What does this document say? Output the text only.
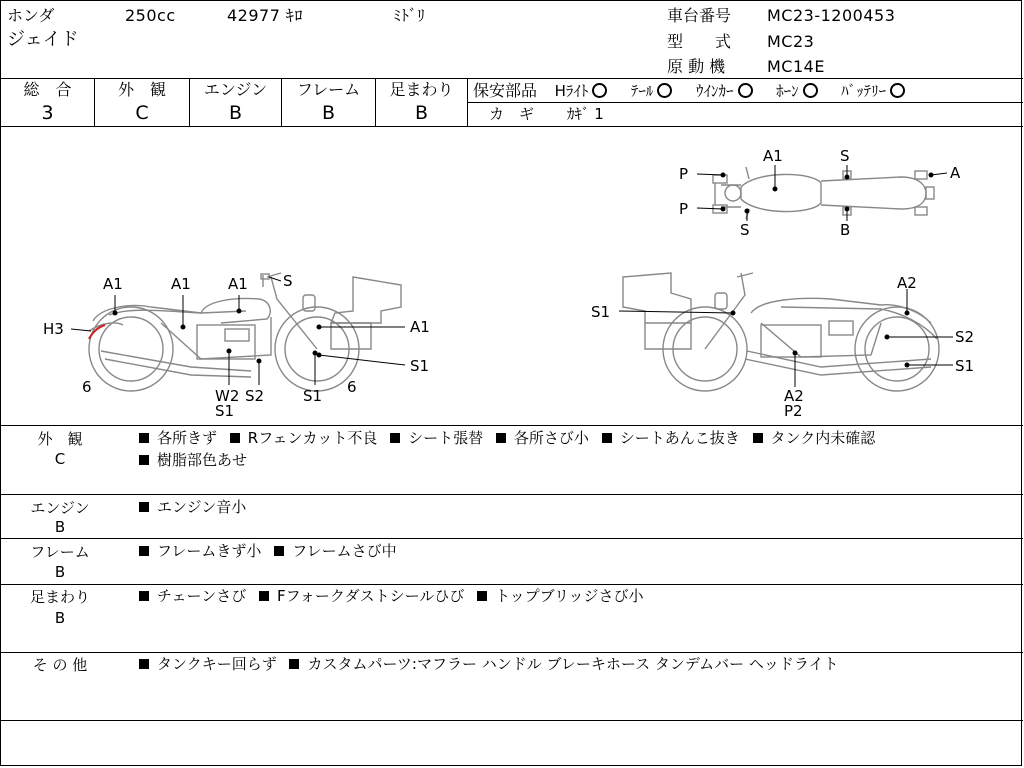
ホンダ	250cc	42977 ｷﾛ	ﾐﾄﾞﾘ
ジェイド
車台番号 MC23-1200453
型　　式 MC23
原 動 機	MC14E
総　合
3
外　観
C
エンジン
B
フレーム
B
足まわり
B
保安部品 Hﾗｲﾄ	ﾃｰﾙ	ｳｲﾝｶｰ	ﾎｰﾝ	ﾊﾞｯﾃﾘｰ
カ　ギ ｶｷﾞ 1
A1	S
P
P
S	B
A
A1	A1 A1 S
H3	A1
S1
6	W2 S2
S1
S1 6
A2
S1
S2
S1
A2
P2
外　観
C
各所きず Rフェンカット不良 シート張替 各所さび小 シートあんこ抜き タンク内未確認
樹脂部色あせ
エンジン
B
エンジン音小
フレーム
B
フレームきず小 フレームさび中
足まわり
B
チェーンさび Fフォークダストシールひび トップブリッジさび小
そ の 他	タンクキー回らず カスタムパーツ:マフラー ハンドル ブレーキホース タンデムバー ヘッドライト
